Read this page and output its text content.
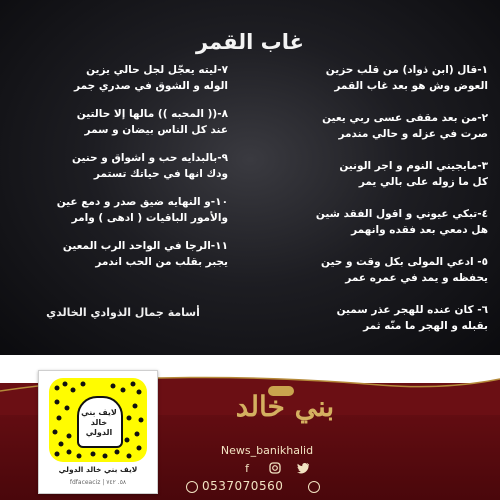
غاب القمر
١-قال (ابن ذواد) من قلب حزين
العوض وش هو بعد غاب القمر
٢-من بعد مقفى عسى ربي يعين
صرت في عزله و حالي مندمر
٣-مايجيني النوم و اجر الونين
كل ما زوله على بالي يمر
٤-تبكي عيوني و اقول الفقد شين
هل دمعي بعد فقده وانهمر
٥- ادعي المولى بكل وقت و حين
يحفظه و يمد في عمره عمر
٦- كان عنده للهجر عذر سمين
بقبله و الهجر ما منّه ثمر
٧-ليته يعجّل لجل حالي يزين
الوله و الشوق في صدري جمر
٨-(( المحبه )) مالها إلا حالتين
عند كل الناس بيضان و سمر
٩-بالبدايه حب و اشواق و حنين
ودك انها في حياتك تستمر
١٠-و النهايه ضيق صدر و دمع عين
والأمور الباقيات ( ادهى ) وامر
١١-الرجا في الواحد الرب المعين
يجبر بقلب من الحب اندمر
أسامة جمال الذوادي الخالدي
لايف بني خالد الدولي
لايف بني خالد الدولي
fdfaceaciz | ٥٨. ٧٤٢
بني خالد
News_banikhalid
f
0537070560
